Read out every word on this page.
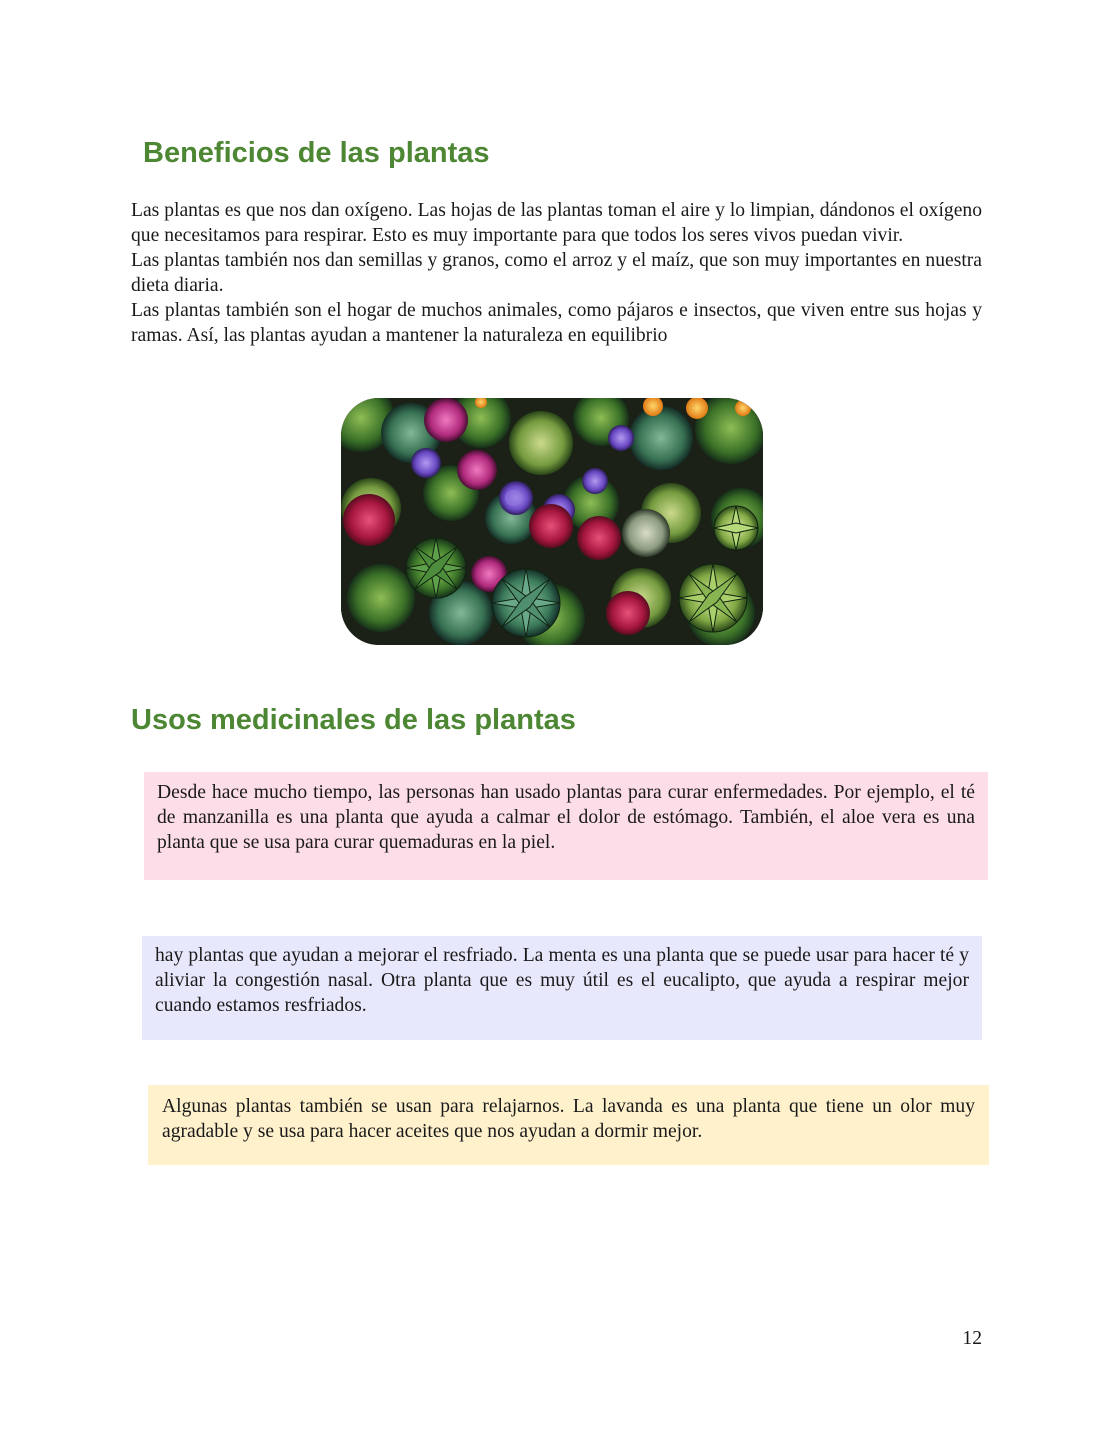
Beneficios de las plantas

Las plantas es que nos dan oxígeno. Las hojas de las plantas toman el aire y lo limpian, dándonos el oxígeno que necesitamos para respirar. Esto es muy importante para que todos los seres vivos puedan vivir.

Las plantas también nos dan semillas y granos, como el arroz y el maíz, que son muy importantes en nuestra dieta diaria.

Las plantas también son el hogar de muchos animales, como pájaros e insectos, que viven entre sus hojas y ramas. Así, las plantas ayudan a mantener la naturaleza en equilibrio

Usos medicinales de las plantas

Desde hace mucho tiempo, las personas han usado plantas para curar enfermedades. Por ejemplo, el té de manzanilla es una planta que ayuda a calmar el dolor de estómago. También, el aloe vera es una planta que se usa para curar quemaduras en la piel.

hay plantas que ayudan a mejorar el resfriado. La menta es una planta que se puede usar para hacer té y aliviar la congestión nasal. Otra planta que es muy útil es el eucalipto, que ayuda a respirar mejor cuando estamos resfriados.

Algunas plantas también se usan para relajarnos. La lavanda es una planta que tiene un olor muy agradable y se usa para hacer aceites que nos ayudan a dormir mejor.

12
